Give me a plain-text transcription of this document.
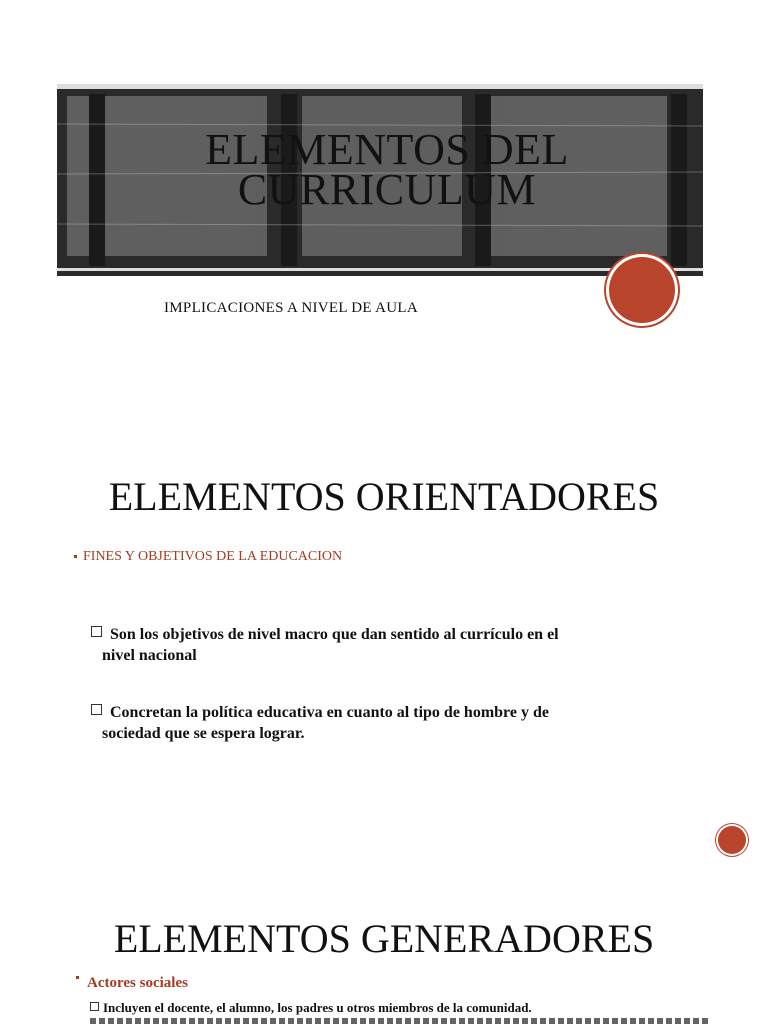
ELEMENTOS DEL
CURRICULUM
IMPLICACIONES A NIVEL DE AULA
ELEMENTOS ORIENTADORES
FINES Y OBJETIVOS DE LA EDUCACION
Son los objetivos de nivel macro que dan sentido al currículo en el
nivel nacional
Concretan la política educativa en cuanto al tipo de hombre y de
sociedad que se espera lograr.
ELEMENTOS GENERADORES
Actores sociales
Incluyen el docente, el alumno, los padres u otros miembros de la comunidad.
